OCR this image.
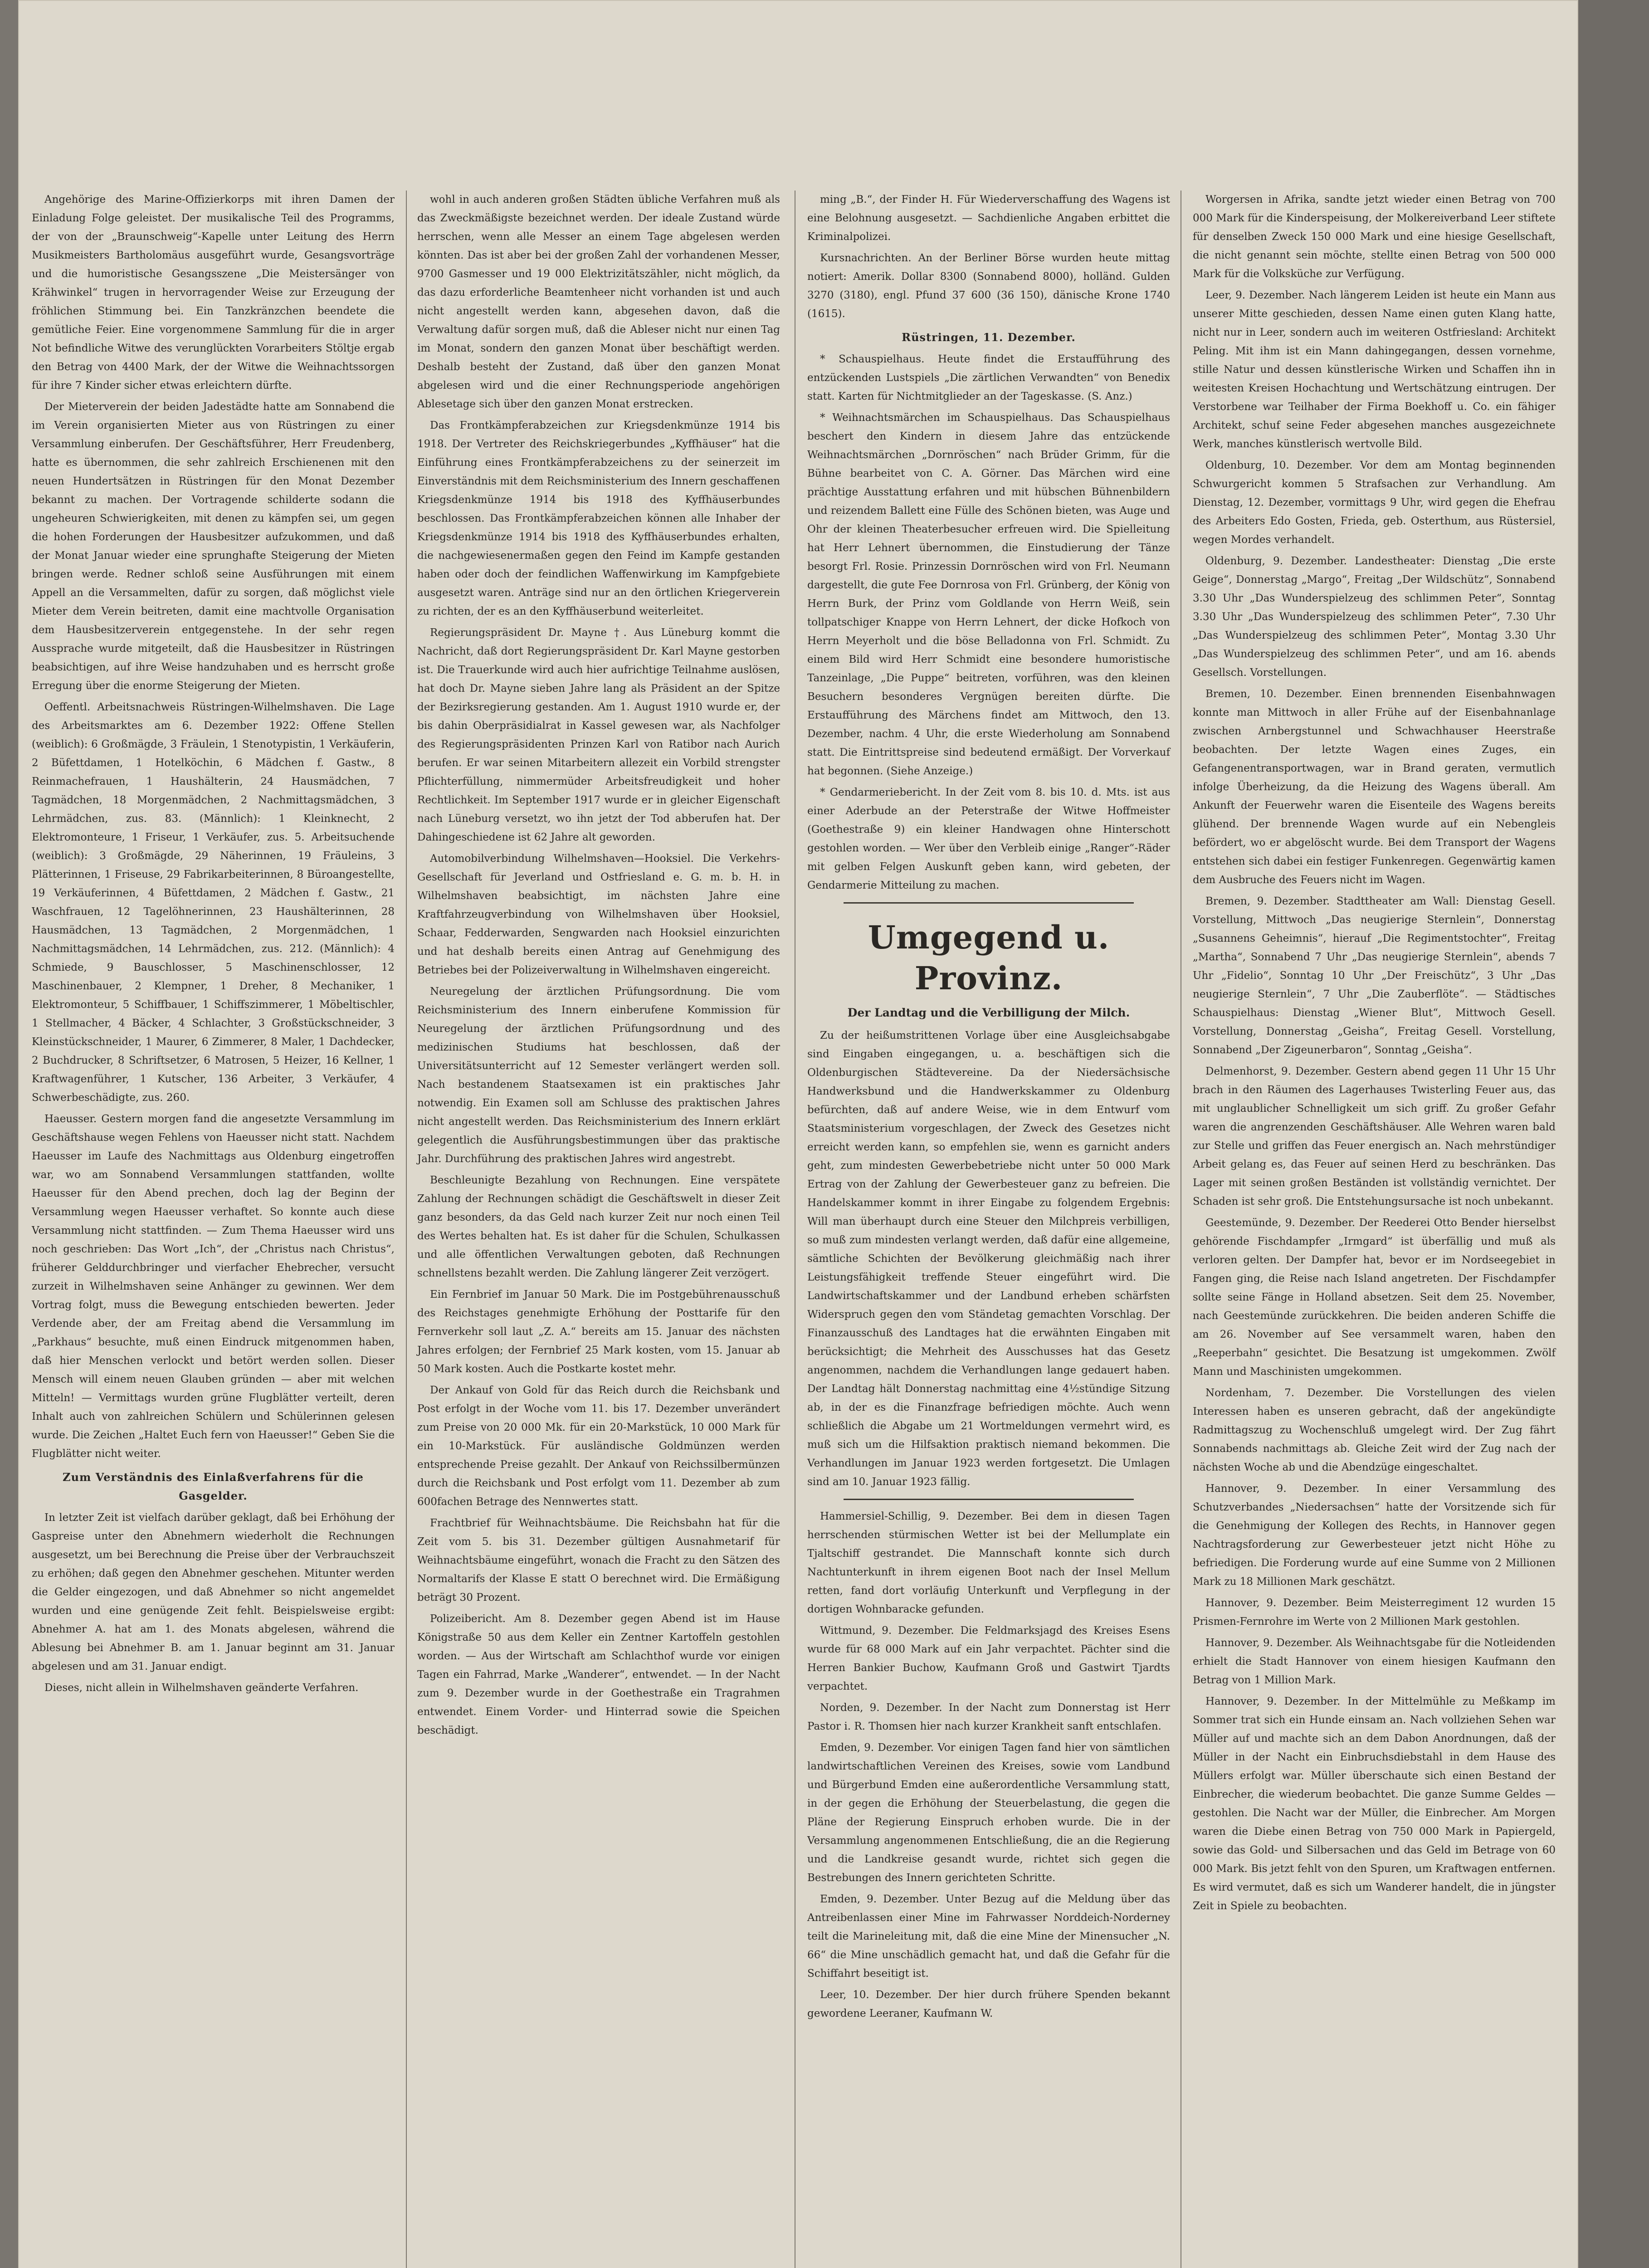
Angehörige des Marine-Offizierkorps mit ihren Damen der Einladung Folge geleistet. Der musikalische Teil des Programms, der von der „Braunschweig“-Kapelle unter Leitung des Herrn Musikmeisters Bartholomäus ausgeführt wurde, Gesangsvorträge und die humoristische Gesangsszene „Die Meistersänger von Krähwinkel“ trugen in hervorragender Weise zur Erzeugung der fröhlichen Stimmung bei. Ein Tanzkränzchen beendete die gemütliche Feier. Eine vorgenommene Sammlung für die in arger Not befindliche Witwe des verunglückten Vorarbeiters Stöltje ergab den Betrag von 4400 Mark, der der Witwe die Weihnachtssorgen für ihre 7 Kinder sicher etwas erleichtern dürfte.

Der Mieterverein der beiden Jadestädte hatte am Sonnabend die im Verein organisierten Mieter aus von Rüstringen zu einer Versammlung einberufen. Der Geschäftsführer, Herr Freudenberg, hatte es übernommen, die sehr zahlreich Erschienenen mit den neuen Hundertsätzen in Rüstringen für den Monat Dezember bekannt zu machen. Der Vortragende schilderte sodann die ungeheuren Schwierigkeiten, mit denen zu kämpfen sei, um gegen die hohen Forderungen der Hausbesitzer aufzukommen, und daß der Monat Januar wieder eine sprunghafte Steigerung der Mieten bringen werde. Redner schloß seine Ausführungen mit einem Appell an die Versammelten, dafür zu sorgen, daß möglichst viele Mieter dem Verein beitreten, damit eine machtvolle Organisation dem Hausbesitzerverein entgegenstehe. In der sehr regen Aussprache wurde mitgeteilt, daß die Hausbesitzer in Rüstringen beabsichtigen, auf ihre Weise handzuhaben und es herrscht große Erregung über die enorme Steigerung der Mieten.

Oeffentl. Arbeitsnachweis Rüstringen-Wilhelmshaven. Die Lage des Arbeitsmarktes am 6. Dezember 1922: Offene Stellen (weiblich): 6 Großmägde, 3 Fräulein, 1 Stenotypistin, 1 Verkäuferin, 2 Büfettdamen, 1 Hotelköchin, 6 Mädchen f. Gastw., 8 Reinmachefrauen, 1 Haushälterin, 24 Hausmädchen, 7 Tagmädchen, 18 Morgenmädchen, 2 Nachmittagsmädchen, 3 Lehrmädchen, zus. 83. (Männlich): 1 Kleinknecht, 2 Elektromonteure, 1 Friseur, 1 Verkäufer, zus. 5. Arbeitsuchende (weiblich): 3 Großmägde, 29 Näherinnen, 19 Fräuleins, 3 Plätterinnen, 1 Friseuse, 29 Fabrikarbeiterinnen, 8 Büroangestellte, 19 Verkäuferinnen, 4 Büfettdamen, 2 Mädchen f. Gastw., 21 Waschfrauen, 12 Tagelöhnerinnen, 23 Haushälterinnen, 28 Hausmädchen, 13 Tagmädchen, 2 Morgenmädchen, 1 Nachmittagsmädchen, 14 Lehrmädchen, zus. 212. (Männlich): 4 Schmiede, 9 Bauschlosser, 5 Maschinenschlosser, 12 Maschinenbauer, 2 Klempner, 1 Dreher, 8 Mechaniker, 1 Elektromonteur, 5 Schiffbauer, 1 Schiffszimmerer, 1 Möbeltischler, 1 Stellmacher, 4 Bäcker, 4 Schlachter, 3 Großstückschneider, 3 Kleinstückschneider, 1 Maurer, 6 Zimmerer, 8 Maler, 1 Dachdecker, 2 Buchdrucker, 8 Schriftsetzer, 6 Matrosen, 5 Heizer, 16 Kellner, 1 Kraftwagenführer, 1 Kutscher, 136 Arbeiter, 3 Verkäufer, 4 Schwerbeschädigte, zus. 260.

Haeusser. Gestern morgen fand die angesetzte Versammlung im Geschäftshause wegen Fehlens von Haeusser nicht statt. Nachdem Haeusser im Laufe des Nachmittags aus Oldenburg eingetroffen war, wo am Sonnabend Versammlungen stattfanden, wollte Haeusser für den Abend prechen, doch lag der Beginn der Versammlung wegen Haeusser verhaftet. So konnte auch diese Versammlung nicht stattfinden. — Zum Thema Haeusser wird uns noch geschrieben: Das Wort „Ich“, der „Christus nach Christus“, früherer Gelddurchbringer und vierfacher Ehebrecher, versucht zurzeit in Wilhelmshaven seine Anhänger zu gewinnen. Wer dem Vortrag folgt, muss die Bewegung entschieden bewerten. Jeder Verdende aber, der am Freitag abend die Versammlung im „Parkhaus“ besuchte, muß einen Eindruck mitgenommen haben, daß hier Menschen verlockt und betört werden sollen. Dieser Mensch will einem neuen Glauben gründen — aber mit welchen Mitteln! — Vermittags wurden grüne Flugblätter verteilt, deren Inhalt auch von zahlreichen Schülern und Schülerinnen gelesen wurde. Die Zeichen „Haltet Euch fern von Haeusser!“ Geben Sie die Flugblätter nicht weiter.

Zum Verständnis des Einlaßverfahrens für die Gasgelder.

In letzter Zeit ist vielfach darüber geklagt, daß bei Erhöhung der Gaspreise unter den Abnehmern wiederholt die Rechnungen ausgesetzt, um bei Berechnung die Preise über der Verbrauchszeit zu erhöhen; daß gegen den Abnehmer geschehen. Mitunter werden die Gelder eingezogen, und daß Abnehmer so nicht angemeldet wurden und eine genügende Zeit fehlt. Beispielsweise ergibt: Abnehmer A. hat am 1. des Monats abgelesen, während die Ablesung bei Abnehmer B. am 1. Januar beginnt am 31. Januar abgelesen und am 31. Januar endigt.

Dieses, nicht allein in Wilhelmshaven geänderte Verfahren.

wohl in auch anderen großen Städten übliche Verfahren muß als das Zweckmäßigste bezeichnet werden. Der ideale Zustand würde herrschen, wenn alle Messer an einem Tage abgelesen werden könnten. Das ist aber bei der großen Zahl der vorhandenen Messer, 9700 Gasmesser und 19 000 Elektrizitätszähler, nicht möglich, da das dazu erforderliche Beamtenheer nicht vorhanden ist und auch nicht angestellt werden kann, abgesehen davon, daß die Verwaltung dafür sorgen muß, daß die Ableser nicht nur einen Tag im Monat, sondern den ganzen Monat über beschäftigt werden. Deshalb besteht der Zustand, daß über den ganzen Monat abgelesen wird und die einer Rechnungsperiode angehörigen Ablesetage sich über den ganzen Monat erstrecken.

Das Frontkämpferabzeichen zur Kriegsdenkmünze 1914 bis 1918. Der Vertreter des Reichskriegerbundes „Kyffhäuser“ hat die Einführung eines Frontkämpferabzeichens zu der seinerzeit im Einverständnis mit dem Reichsministerium des Innern geschaffenen Kriegsdenkmünze 1914 bis 1918 des Kyffhäuserbundes beschlossen. Das Frontkämpferabzeichen können alle Inhaber der Kriegsdenkmünze 1914 bis 1918 des Kyffhäuserbundes erhalten, die nachgewiesenermaßen gegen den Feind im Kampfe gestanden haben oder doch der feindlichen Waffenwirkung im Kampfgebiete ausgesetzt waren. Anträge sind nur an den örtlichen Kriegerverein zu richten, der es an den Kyffhäuserbund weiterleitet.

Regierungspräsident Dr. Mayne †. Aus Lüneburg kommt die Nachricht, daß dort Regierungspräsident Dr. Karl Mayne gestorben ist. Die Trauerkunde wird auch hier aufrichtige Teilnahme auslösen, hat doch Dr. Mayne sieben Jahre lang als Präsident an der Spitze der Bezirksregierung gestanden. Am 1. August 1910 wurde er, der bis dahin Oberpräsidialrat in Kassel gewesen war, als Nachfolger des Regierungspräsidenten Prinzen Karl von Ratibor nach Aurich berufen. Er war seinen Mitarbeitern allezeit ein Vorbild strengster Pflichterfüllung, nimmermüder Arbeitsfreudigkeit und hoher Rechtlichkeit. Im September 1917 wurde er in gleicher Eigenschaft nach Lüneburg versetzt, wo ihn jetzt der Tod abberufen hat. Der Dahingeschiedene ist 62 Jahre alt geworden.

Automobilverbindung Wilhelmshaven—Hooksiel. Die Verkehrs-Gesellschaft für Jeverland und Ostfriesland e. G. m. b. H. in Wilhelmshaven beabsichtigt, im nächsten Jahre eine Kraftfahrzeugverbindung von Wilhelmshaven über Hooksiel, Schaar, Fedderwarden, Sengwarden nach Hooksiel einzurichten und hat deshalb bereits einen Antrag auf Genehmigung des Betriebes bei der Polizeiverwaltung in Wilhelmshaven eingereicht.

Neuregelung der ärztlichen Prüfungsordnung. Die vom Reichsministerium des Innern einberufene Kommission für Neuregelung der ärztlichen Prüfungsordnung und des medizinischen Studiums hat beschlossen, daß der Universitätsunterricht auf 12 Semester verlängert werden soll. Nach bestandenem Staatsexamen ist ein praktisches Jahr notwendig. Ein Examen soll am Schlusse des praktischen Jahres nicht angestellt werden. Das Reichsministerium des Innern erklärt gelegentlich die Ausführungsbestimmungen über das praktische Jahr. Durchführung des praktischen Jahres wird angestrebt.

Beschleunigte Bezahlung von Rechnungen. Eine verspätete Zahlung der Rechnungen schädigt die Geschäftswelt in dieser Zeit ganz besonders, da das Geld nach kurzer Zeit nur noch einen Teil des Wertes behalten hat. Es ist daher für die Schulen, Schulkassen und alle öffentlichen Verwaltungen geboten, daß Rechnungen schnellstens bezahlt werden. Die Zahlung längerer Zeit verzögert.

Ein Fernbrief im Januar 50 Mark. Die im Postgebührenausschuß des Reichstages genehmigte Erhöhung der Posttarife für den Fernverkehr soll laut „Z. A.“ bereits am 15. Januar des nächsten Jahres erfolgen; der Fernbrief 25 Mark kosten, vom 15. Januar ab 50 Mark kosten. Auch die Postkarte kostet mehr.

Der Ankauf von Gold für das Reich durch die Reichsbank und Post erfolgt in der Woche vom 11. bis 17. Dezember unverändert zum Preise von 20 000 Mk. für ein 20-Markstück, 10 000 Mark für ein 10-Markstück. Für ausländische Goldmünzen werden entsprechende Preise gezahlt. Der Ankauf von Reichssilbermünzen durch die Reichsbank und Post erfolgt vom 11. Dezember ab zum 600fachen Betrage des Nennwertes statt.

Frachtbrief für Weihnachtsbäume. Die Reichsbahn hat für die Zeit vom 5. bis 31. Dezember gültigen Ausnahmetarif für Weihnachtsbäume eingeführt, wonach die Fracht zu den Sätzen des Normaltarifs der Klasse E statt O berechnet wird. Die Ermäßigung beträgt 30 Prozent.

Polizeibericht. Am 8. Dezember gegen Abend ist im Hause Königstraße 50 aus dem Keller ein Zentner Kartoffeln gestohlen worden. — Aus der Wirtschaft am Schlachthof wurde vor einigen Tagen ein Fahrrad, Marke „Wanderer“, entwendet. — In der Nacht zum 9. Dezember wurde in der Goethestraße ein Tragrahmen entwendet. Einem Vorder- und Hinterrad sowie die Speichen beschädigt.

ming „B.“, der Finder H. Für Wiederverschaffung des Wagens ist eine Belohnung ausgesetzt. — Sachdienliche Angaben erbittet die Kriminalpolizei.

Kursnachrichten. An der Berliner Börse wurden heute mittag notiert: Amerik. Dollar 8300 (Sonnabend 8000), holländ. Gulden 3270 (3180), engl. Pfund 37 600 (36 150), dänische Krone 1740 (1615).

Rüstringen, 11. Dezember.

* Schauspielhaus. Heute findet die Erstaufführung des entzückenden Lustspiels „Die zärtlichen Verwandten“ von Benedix statt. Karten für Nichtmitglieder an der Tageskasse. (S. Anz.)

* Weihnachtsmärchen im Schauspielhaus. Das Schauspielhaus beschert den Kindern in diesem Jahre das entzückende Weihnachtsmärchen „Dornröschen“ nach Brüder Grimm, für die Bühne bearbeitet von C. A. Görner. Das Märchen wird eine prächtige Ausstattung erfahren und mit hübschen Bühnenbildern und reizendem Ballett eine Fülle des Schönen bieten, was Auge und Ohr der kleinen Theaterbesucher erfreuen wird. Die Spielleitung hat Herr Lehnert übernommen, die Einstudierung der Tänze besorgt Frl. Rosie. Prinzessin Dornröschen wird von Frl. Neumann dargestellt, die gute Fee Dornrosa von Frl. Grünberg, der König von Herrn Burk, der Prinz vom Goldlande von Herrn Weiß, sein tollpatschiger Knappe von Herrn Lehnert, der dicke Hofkoch von Herrn Meyerholt und die böse Belladonna von Frl. Schmidt. Zu einem Bild wird Herr Schmidt eine besondere humoristische Tanzeinlage, „Die Puppe“ beitreten, vorführen, was den kleinen Besuchern besonderes Vergnügen bereiten dürfte. Die Erstaufführung des Märchens findet am Mittwoch, den 13. Dezember, nachm. 4 Uhr, die erste Wiederholung am Sonnabend statt. Die Eintrittspreise sind bedeutend ermäßigt. Der Vorverkauf hat begonnen. (Siehe Anzeige.)

* Gendarmeriebericht. In der Zeit vom 8. bis 10. d. Mts. ist aus einer Aderbude an der Peterstraße der Witwe Hoffmeister (Goethestraße 9) ein kleiner Handwagen ohne Hinterschott gestohlen worden. — Wer über den Verbleib einige „Ranger“-Räder mit gelben Felgen Auskunft geben kann, wird gebeten, der Gendarmerie Mitteilung zu machen.

Umgegend u. Provinz.
Der Landtag und die Verbilligung der Milch.

Zu der heißumstrittenen Vorlage über eine Ausgleichsabgabe sind Eingaben eingegangen, u. a. beschäftigen sich die Oldenburgischen Städtevereine. Da der Niedersächsische Handwerksbund und die Handwerkskammer zu Oldenburg befürchten, daß auf andere Weise, wie in dem Entwurf vom Staatsministerium vorgeschlagen, der Zweck des Gesetzes nicht erreicht werden kann, so empfehlen sie, wenn es garnicht anders geht, zum mindesten Gewerbebetriebe nicht unter 50 000 Mark Ertrag von der Zahlung der Gewerbesteuer ganz zu befreien. Die Handelskammer kommt in ihrer Eingabe zu folgendem Ergebnis: Will man überhaupt durch eine Steuer den Milchpreis verbilligen, so muß zum mindesten verlangt werden, daß dafür eine allgemeine, sämtliche Schichten der Bevölkerung gleichmäßig nach ihrer Leistungsfähigkeit treffende Steuer eingeführt wird. Die Landwirtschaftskammer und der Landbund erheben schärfsten Widerspruch gegen den vom Ständetag gemachten Vorschlag. Der Finanzausschuß des Landtages hat die erwähnten Eingaben mit berücksichtigt; die Mehrheit des Ausschusses hat das Gesetz angenommen, nachdem die Verhandlungen lange gedauert haben. Der Landtag hält Donnerstag nachmittag eine 4½stündige Sitzung ab, in der es die Finanzfrage befriedigen möchte. Auch wenn schließlich die Abgabe um 21 Wortmeldungen vermehrt wird, es muß sich um die Hilfsaktion praktisch niemand bekommen. Die Verhandlungen im Januar 1923 werden fortgesetzt. Die Umlagen sind am 10. Januar 1923 fällig.

Hammersiel-Schillig, 9. Dezember. Bei dem in diesen Tagen herrschenden stürmischen Wetter ist bei der Mellumplate ein Tjaltschiff gestrandet. Die Mannschaft konnte sich durch Nachtunterkunft in ihrem eigenen Boot nach der Insel Mellum retten, fand dort vorläufig Unterkunft und Verpflegung in der dortigen Wohnbaracke gefunden.

Wittmund, 9. Dezember. Die Feldmarksjagd des Kreises Esens wurde für 68 000 Mark auf ein Jahr verpachtet. Pächter sind die Herren Bankier Buchow, Kaufmann Groß und Gastwirt Tjardts verpachtet.

Norden, 9. Dezember. In der Nacht zum Donnerstag ist Herr Pastor i. R. Thomsen hier nach kurzer Krankheit sanft entschlafen.

Emden, 9. Dezember. Vor einigen Tagen fand hier von sämtlichen landwirtschaftlichen Vereinen des Kreises, sowie vom Landbund und Bürgerbund Emden eine außerordentliche Versammlung statt, in der gegen die Erhöhung der Steuerbelastung, die gegen die Pläne der Regierung Einspruch erhoben wurde. Die in der Versammlung angenommenen Entschließung, die an die Regierung und die Landkreise gesandt wurde, richtet sich gegen die Bestrebungen des Innern gerichteten Schritte.

Emden, 9. Dezember. Unter Bezug auf die Meldung über das Antreibenlassen einer Mine im Fahrwasser Norddeich-Norderney teilt die Marineleitung mit, daß die eine Mine der Minensucher „N. 66“ die Mine unschädlich gemacht hat, und daß die Gefahr für die Schiffahrt beseitigt ist.

Leer, 10. Dezember. Der hier durch frühere Spenden bekannt gewordene Leeraner, Kaufmann W.

Worgersen in Afrika, sandte jetzt wieder einen Betrag von 700 000 Mark für die Kinderspeisung, der Molkereiverband Leer stiftete für denselben Zweck 150 000 Mark und eine hiesige Gesellschaft, die nicht genannt sein möchte, stellte einen Betrag von 500 000 Mark für die Volksküche zur Verfügung.

Leer, 9. Dezember. Nach längerem Leiden ist heute ein Mann aus unserer Mitte geschieden, dessen Name einen guten Klang hatte, nicht nur in Leer, sondern auch im weiteren Ostfriesland: Architekt Peling. Mit ihm ist ein Mann dahingegangen, dessen vornehme, stille Natur und dessen künstlerische Wirken und Schaffen ihn in weitesten Kreisen Hochachtung und Wertschätzung eintrugen. Der Verstorbene war Teilhaber der Firma Boekhoff u. Co. ein fähiger Architekt, schuf seine Feder abgesehen manches ausgezeichnete Werk, manches künstlerisch wertvolle Bild.

Oldenburg, 10. Dezember. Vor dem am Montag beginnenden Schwurgericht kommen 5 Strafsachen zur Verhandlung. Am Dienstag, 12. Dezember, vormittags 9 Uhr, wird gegen die Ehefrau des Arbeiters Edo Gosten, Frieda, geb. Osterthum, aus Rüstersiel, wegen Mordes verhandelt.

Oldenburg, 9. Dezember. Landestheater: Dienstag „Die erste Geige“, Donnerstag „Margo“, Freitag „Der Wildschütz“, Sonnabend 3.30 Uhr „Das Wunderspielzeug des schlimmen Peter“, Sonntag 3.30 Uhr „Das Wunderspielzeug des schlimmen Peter“, 7.30 Uhr „Das Wunderspielzeug des schlimmen Peter“, Montag 3.30 Uhr „Das Wunderspielzeug des schlimmen Peter“, und am 16. abends Gesellsch. Vorstellungen.

Bremen, 10. Dezember. Einen brennenden Eisenbahnwagen konnte man Mittwoch in aller Frühe auf der Eisenbahnanlage zwischen Arnbergstunnel und Schwachhauser Heerstraße beobachten. Der letzte Wagen eines Zuges, ein Gefangenentransportwagen, war in Brand geraten, vermutlich infolge Überheizung, da die Heizung des Wagens überall. Am Ankunft der Feuerwehr waren die Eisenteile des Wagens bereits glühend. Der brennende Wagen wurde auf ein Nebengleis befördert, wo er abgelöscht wurde. Bei dem Transport der Wagens entstehen sich dabei ein festiger Funkenregen. Gegenwärtig kamen dem Ausbruche des Feuers nicht im Wagen.

Bremen, 9. Dezember. Stadttheater am Wall: Dienstag Gesell. Vorstellung, Mittwoch „Das neugierige Sternlein“, Donnerstag „Susannens Geheimnis“, hierauf „Die Regimentstochter“, Freitag „Martha“, Sonnabend 7 Uhr „Das neugierige Sternlein“, abends 7 Uhr „Fidelio“, Sonntag 10 Uhr „Der Freischütz“, 3 Uhr „Das neugierige Sternlein“, 7 Uhr „Die Zauberflöte“. — Städtisches Schauspielhaus: Dienstag „Wiener Blut“, Mittwoch Gesell. Vorstellung, Donnerstag „Geisha“, Freitag Gesell. Vorstellung, Sonnabend „Der Zigeunerbaron“, Sonntag „Geisha“.

Delmenhorst, 9. Dezember. Gestern abend gegen 11 Uhr 15 Uhr brach in den Räumen des Lagerhauses Twisterling Feuer aus, das mit unglaublicher Schnelligkeit um sich griff. Zu großer Gefahr waren die angrenzenden Geschäftshäuser. Alle Wehren waren bald zur Stelle und griffen das Feuer energisch an. Nach mehrstündiger Arbeit gelang es, das Feuer auf seinen Herd zu beschränken. Das Lager mit seinen großen Beständen ist vollständig vernichtet. Der Schaden ist sehr groß. Die Entstehungsursache ist noch unbekannt.

Geestemünde, 9. Dezember. Der Reederei Otto Bender hierselbst gehörende Fischdampfer „Irmgard“ ist überfällig und muß als verloren gelten. Der Dampfer hat, bevor er im Nordseegebiet in Fangen ging, die Reise nach Island angetreten. Der Fischdampfer sollte seine Fänge in Holland absetzen. Seit dem 25. November, nach Geestemünde zurückkehren. Die beiden anderen Schiffe die am 26. November auf See versammelt waren, haben den „Reeperbahn“ gesichtet. Die Besatzung ist umgekommen. Zwölf Mann und Maschinisten umgekommen.

Nordenham, 7. Dezember. Die Vorstellungen des vielen Interessen haben es unseren gebracht, daß der angekündigte Radmittagszug zu Wochenschluß umgelegt wird. Der Zug fährt Sonnabends nachmittags ab. Gleiche Zeit wird der Zug nach der nächsten Woche ab und die Abendzüge eingeschaltet.

Hannover, 9. Dezember. In einer Versammlung des Schutzverbandes „Niedersachsen“ hatte der Vorsitzende sich für die Genehmigung der Kollegen des Rechts, in Hannover gegen Nachtragsforderung zur Gewerbesteuer jetzt nicht Höhe zu befriedigen. Die Forderung wurde auf eine Summe von 2 Millionen Mark zu 18 Millionen Mark geschätzt.

Hannover, 9. Dezember. Beim Meisterregiment 12 wurden 15 Prismen-Fernrohre im Werte von 2 Millionen Mark gestohlen.

Hannover, 9. Dezember. Als Weihnachtsgabe für die Notleidenden erhielt die Stadt Hannover von einem hiesigen Kaufmann den Betrag von 1 Million Mark.

Hannover, 9. Dezember. In der Mittelmühle zu Meßkamp im Sommer trat sich ein Hunde einsam an. Nach vollziehen Sehen war Müller auf und machte sich an dem Dabon Anordnungen, daß der Müller in der Nacht ein Einbruchsdiebstahl in dem Hause des Müllers erfolgt war. Müller überschaute sich einen Bestand der Einbrecher, die wiederum beobachtet. Die ganze Summe Geldes — gestohlen. Die Nacht war der Müller, die Einbrecher. Am Morgen waren die Diebe einen Betrag von 750 000 Mark in Papiergeld, sowie das Gold- und Silbersachen und das Geld im Betrage von 60 000 Mark. Bis jetzt fehlt von den Spuren, um Kraftwagen entfernen. Es wird vermutet, daß es sich um Wanderer handelt, die in jüngster Zeit in Spiele zu beobachten.
